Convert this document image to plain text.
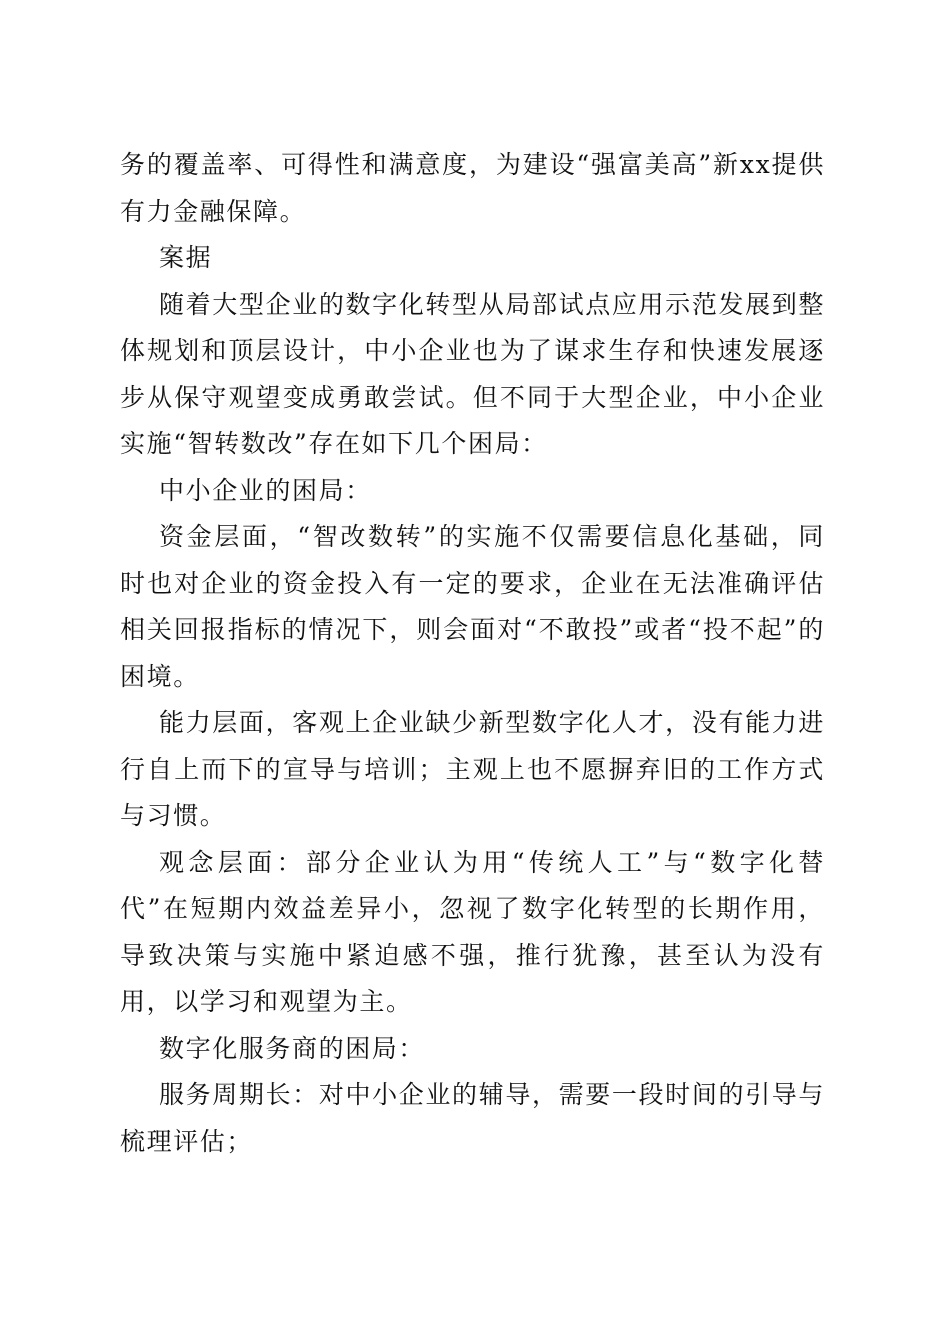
务的覆盖率、可得性和满意度，为建设“强富美高”新xx提供有力金融保障。

案据

随着大型企业的数字化转型从局部试点应用示范发展到整体规划和顶层设计，中小企业也为了谋求生存和快速发展逐步从保守观望变成勇敢尝试。但不同于大型企业，中小企业实施“智转数改”存在如下几个困局：

中小企业的困局：

资金层面，“智改数转”的实施不仅需要信息化基础，同时也对企业的资金投入有一定的要求，企业在无法准确评估相关回报指标的情况下，则会面对“不敢投”或者“投不起”的困境。

能力层面，客观上企业缺少新型数字化人才，没有能力进行自上而下的宣导与培训；主观上也不愿摒弃旧的工作方式与习惯。

观念层面：部分企业认为用“传统人工”与“数字化替代”在短期内效益差异小，忽视了数字化转型的长期作用，导致决策与实施中紧迫感不强，推行犹豫，甚至认为没有用，以学习和观望为主。

数字化服务商的困局：

服务周期长：对中小企业的辅导，需要一段时间的引导与梳理评估；
